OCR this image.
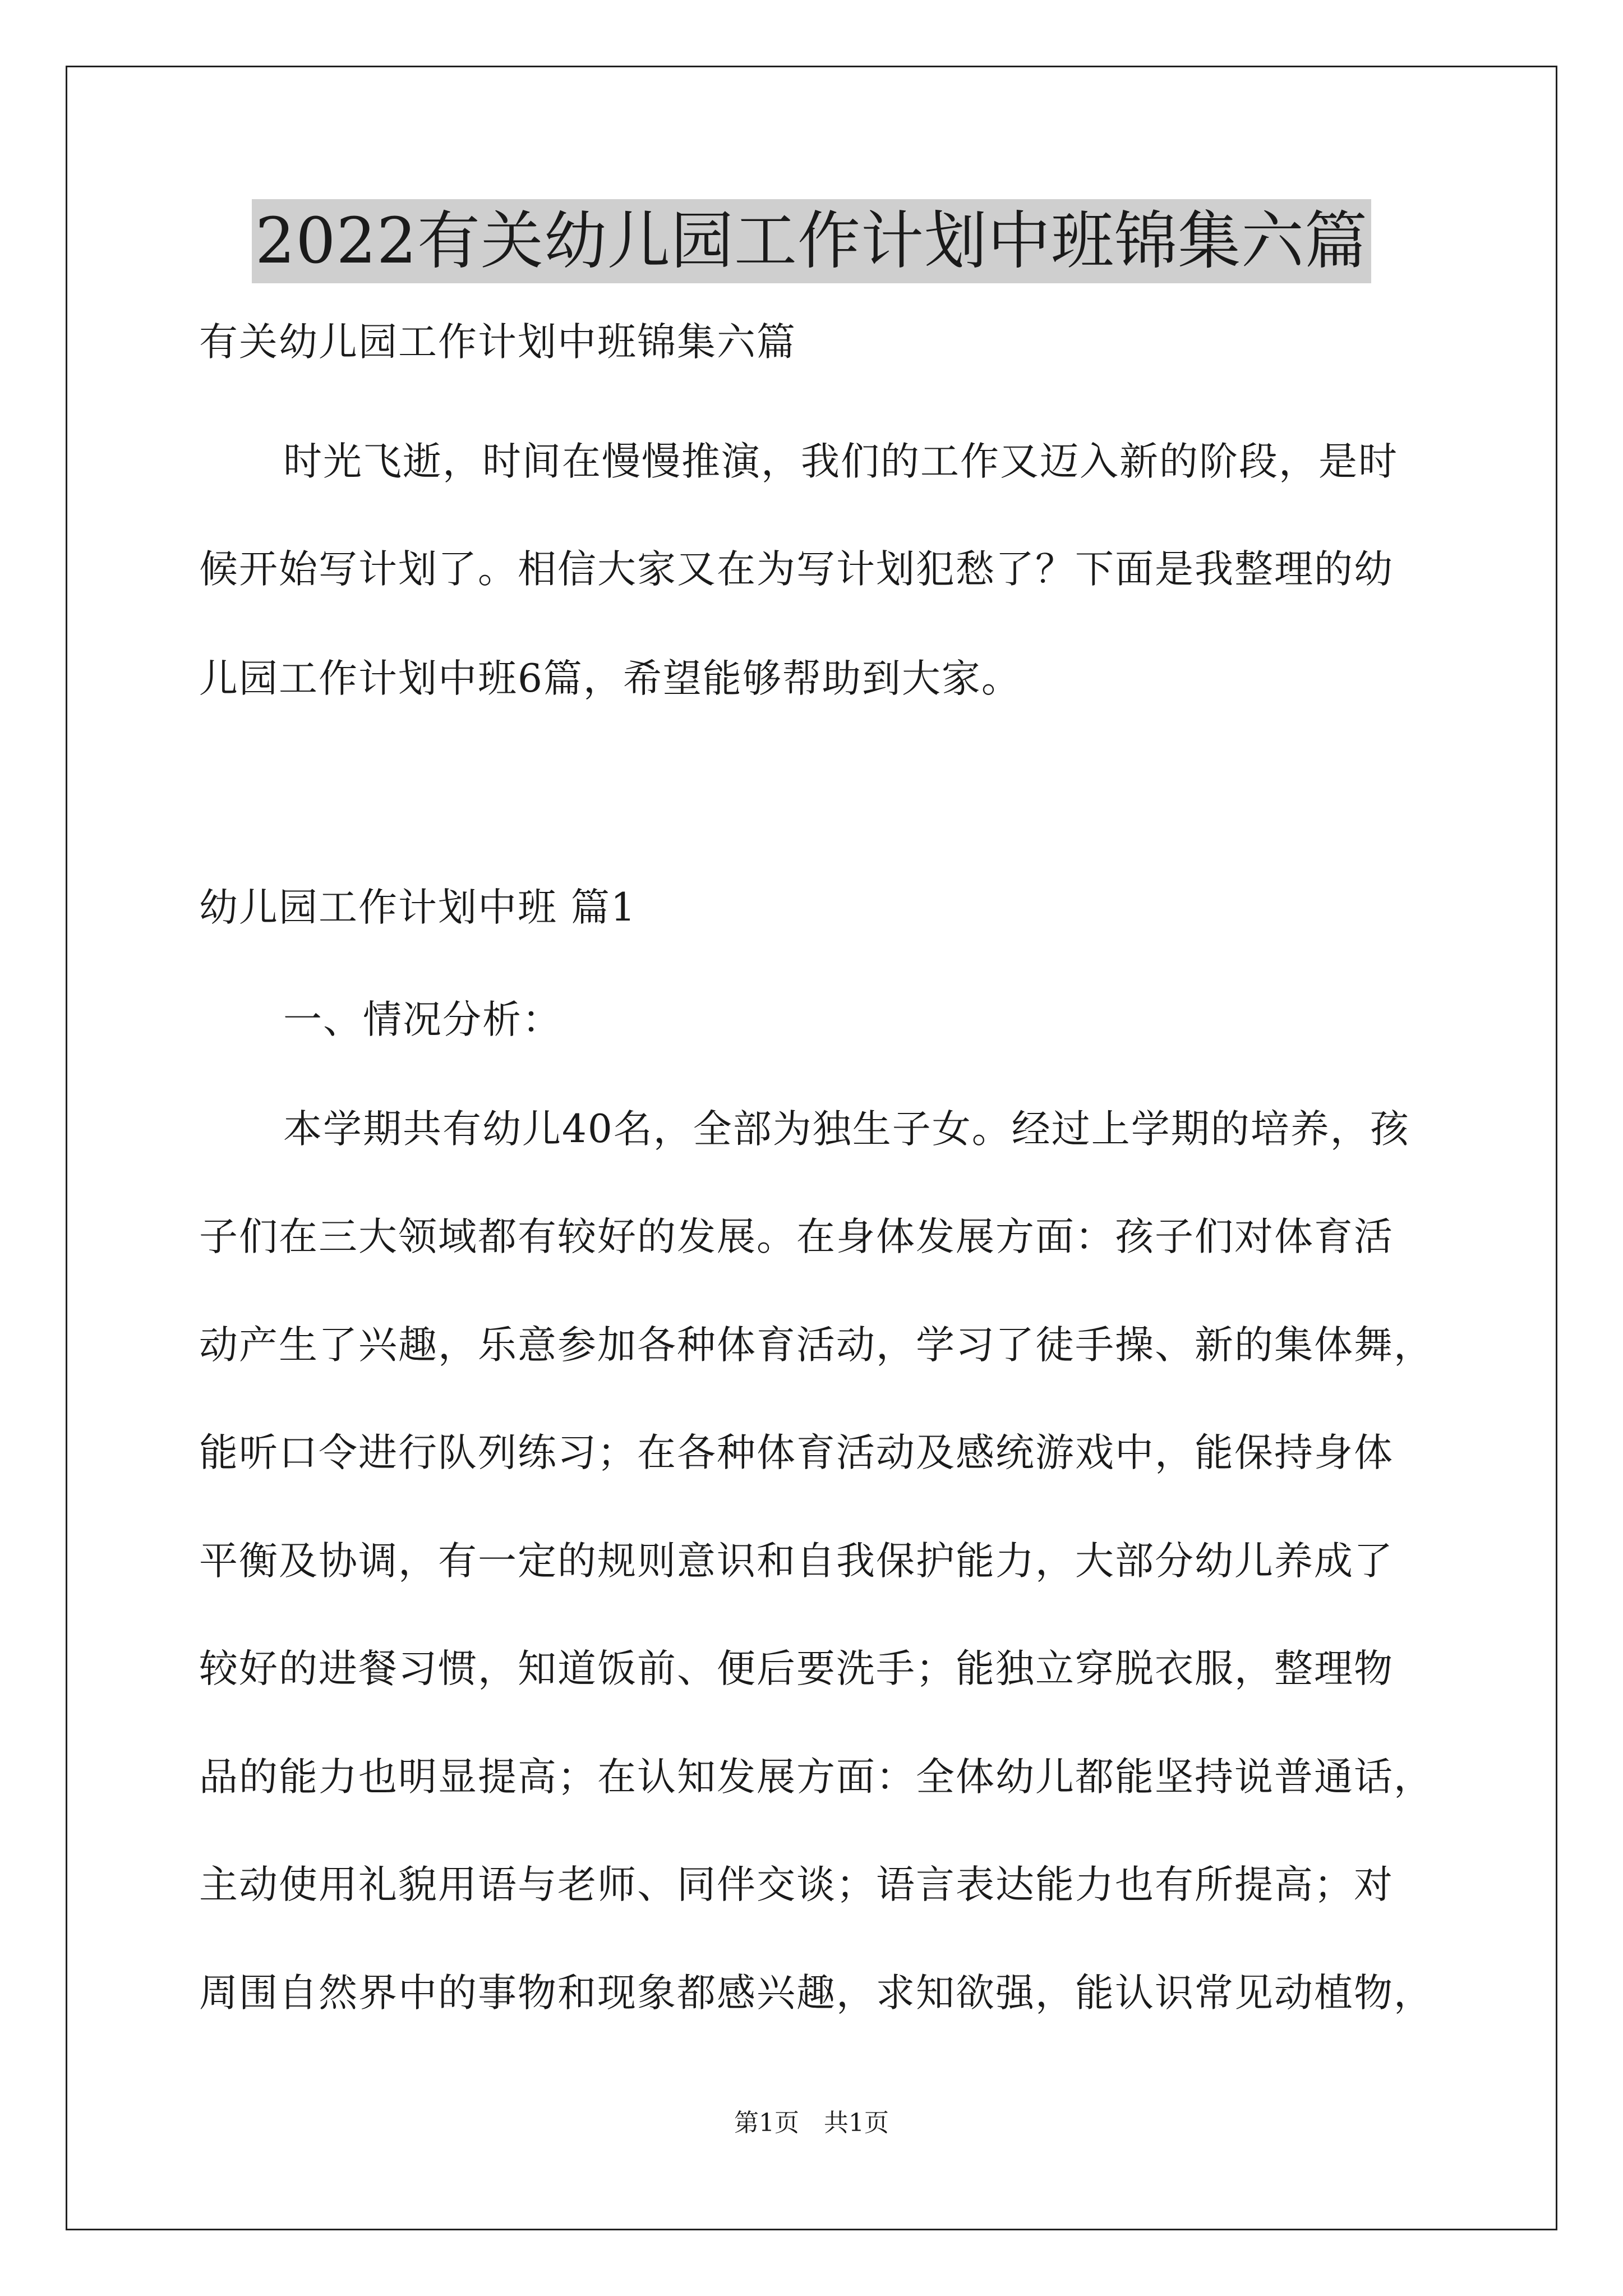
2022有关幼儿园工作计划中班锦集六篇
有关幼儿园工作计划中班锦集六篇
时光飞逝，时间在慢慢推演，我们的工作又迈入新的阶段，是时
候开始写计划了。相信大家又在为写计划犯愁了？下面是我整理的幼
儿园工作计划中班6篇，希望能够帮助到大家。
幼儿园工作计划中班 篇1
一、情况分析：
本学期共有幼儿40名，全部为独生子女。经过上学期的培养，孩
子们在三大领域都有较好的发展。在身体发展方面：孩子们对体育活
动产生了兴趣，乐意参加各种体育活动，学习了徒手操、新的集体舞，
能听口令进行队列练习；在各种体育活动及感统游戏中，能保持身体
平衡及协调，有一定的规则意识和自我保护能力，大部分幼儿养成了
较好的进餐习惯，知道饭前、便后要洗手；能独立穿脱衣服，整理物
品的能力也明显提高；在认知发展方面：全体幼儿都能坚持说普通话，
主动使用礼貌用语与老师、同伴交谈；语言表达能力也有所提高；对
周围自然界中的事物和现象都感兴趣，求知欲强，能认识常见动植物，
第1页　共1页
